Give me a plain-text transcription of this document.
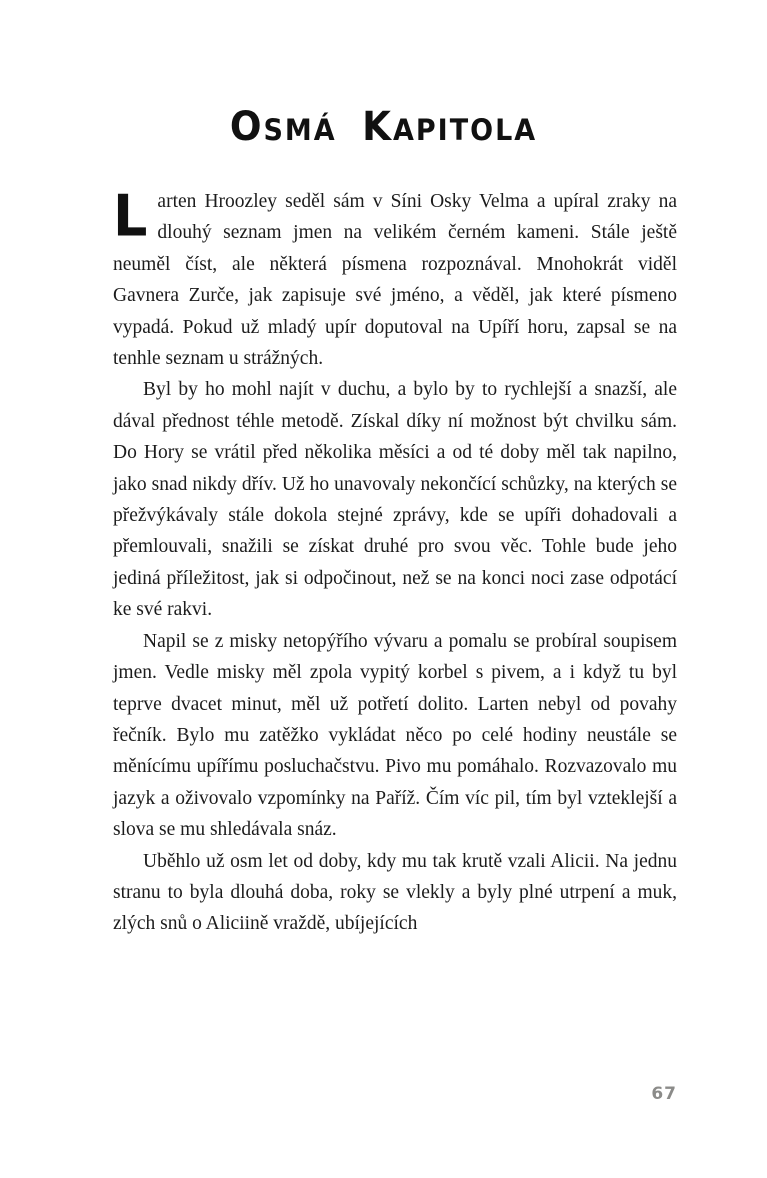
OSMÁ KAPITOLA

Larten Hroozley seděl sám v Síni Osky Velma a upíral zraky na dlouhý seznam jmen na velikém černém kameni. Stále ještě neuměl číst, ale některá písmena rozpoznával. Mnohokrát viděl Gavnera Zurče, jak zapisuje své jméno, a věděl, jak které písmeno vypadá. Pokud už mladý upír doputoval na Upíří horu, zapsal se na tenhle seznam u strážných.

Byl by ho mohl najít v duchu, a bylo by to rychlejší a snazší, ale dával přednost téhle metodě. Získal díky ní možnost být chvilku sám. Do Hory se vrátil před několika měsíci a od té doby měl tak napilno, jako snad nikdy dřív. Už ho unavovaly nekončící schůzky, na kterých se přežvýkávaly stále dokola stejné zprávy, kde se upíři dohadovali a přemlouvali, snažili se získat druhé pro svou věc. Tohle bude jeho jediná příležitost, jak si odpočinout, než se na konci noci zase odpotácí ke své rakvi.

Napil se z misky netopýřího vývaru a pomalu se probíral soupisem jmen. Vedle misky měl zpola vypitý korbel s pivem, a i když tu byl teprve dvacet minut, měl už potřetí dolito. Larten nebyl od povahy řečník. Bylo mu zatěžko vykládat něco po celé hodiny neustále se měnícímu upířímu posluchačstvu. Pivo mu pomáhalo. Rozvazovalo mu jazyk a oživovalo vzpomínky na Paříž. Čím víc pil, tím byl vzteklejší a slova se mu shledávala snáz.

Uběhlo už osm let od doby, kdy mu tak krutě vzali Alicii. Na jednu stranu to byla dlouhá doba, roky se vlekly a byly plné utrpení a muk, zlých snů o Aliciině vraždě, ubíjejících

67
